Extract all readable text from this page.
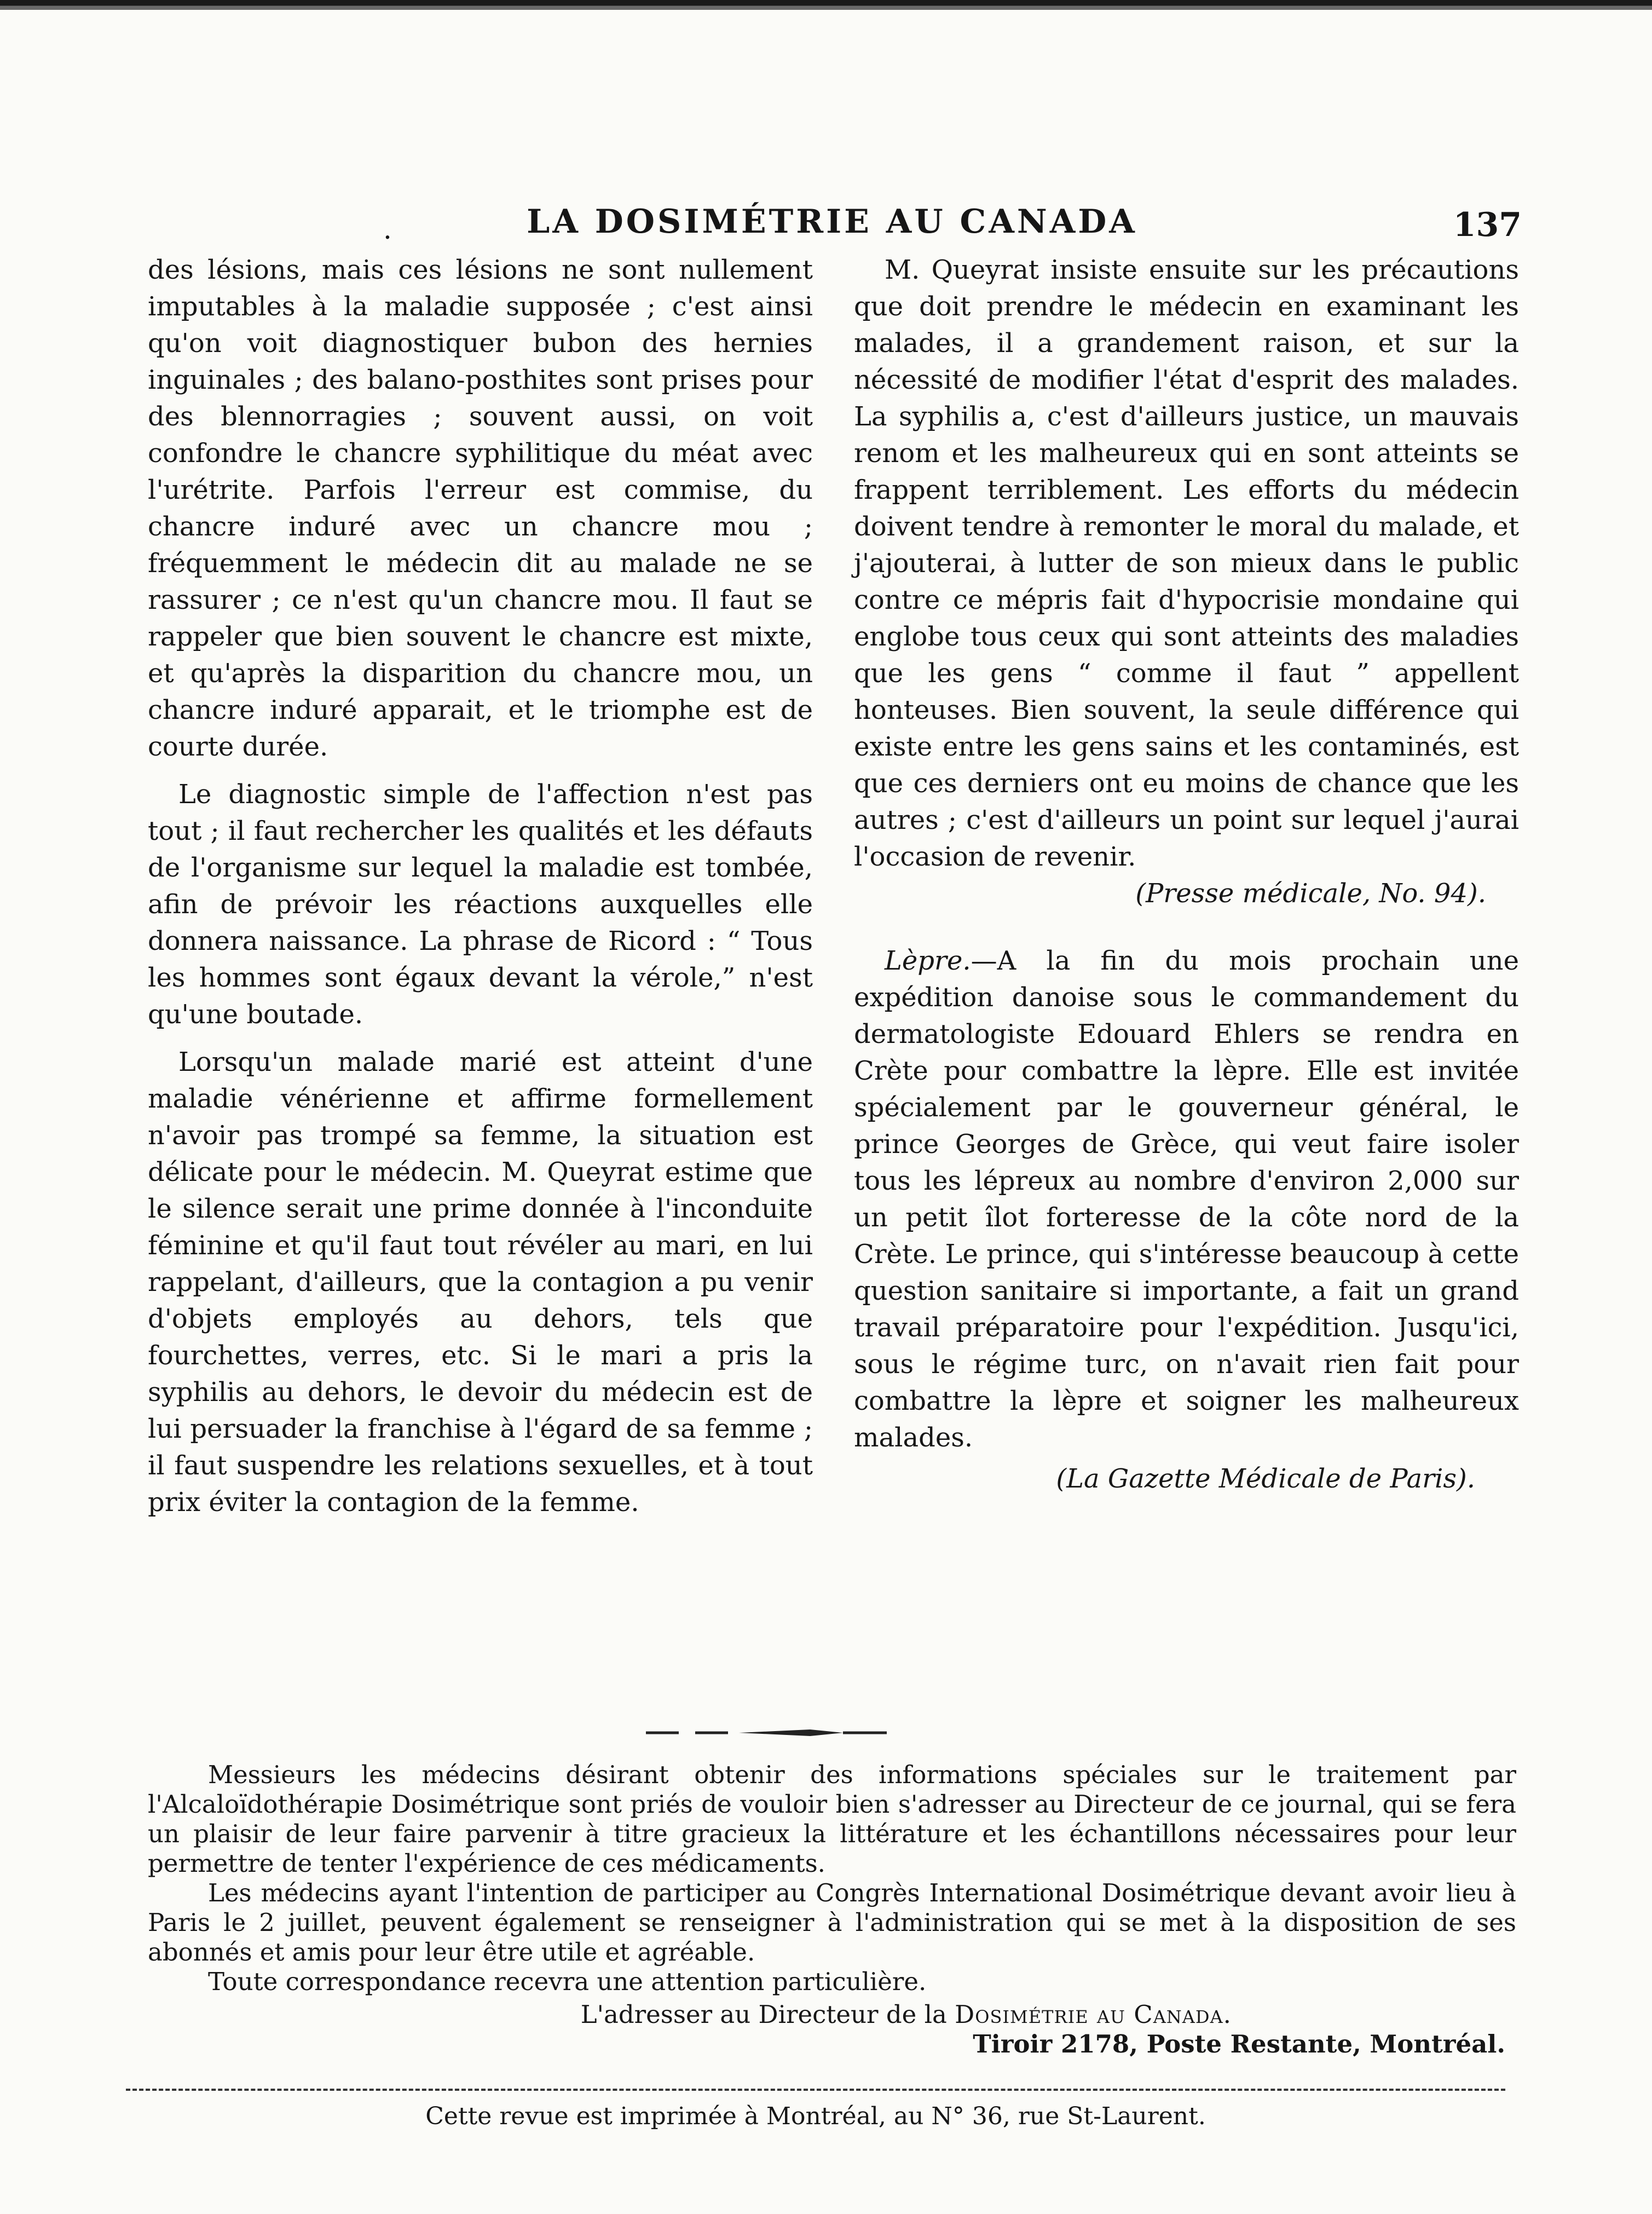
.	LA DOSIMÉTRIE AU CANADA	137

des lésions, mais ces lésions ne sont nullement imputables à la maladie supposée ; c'est ainsi qu'on voit diagnostiquer bubon des hernies inguinales ; des balano-posthites sont prises pour des blennorragies ; souvent aussi, on voit confondre le chancre syphilitique du méat avec l'urétrite. Parfois l'erreur est commise, du chancre induré avec un chancre mou ; fréquemment le médecin dit au malade ne se rassurer ; ce n'est qu'un chancre mou. Il faut se rappeler que bien souvent le chancre est mixte, et qu'après la disparition du chancre mou, un chancre induré apparait, et le triomphe est de courte durée.

Le diagnostic simple de l'affection n'est pas tout ; il faut rechercher les qualités et les défauts de l'organisme sur lequel la maladie est tombée, afin de prévoir les réactions auxquelles elle donnera naissance. La phrase de Ricord : “ Tous les hommes sont égaux devant la vérole,” n'est qu'une boutade.

Lorsqu'un malade marié est atteint d'une maladie vénérienne et affirme formellement n'avoir pas trompé sa femme, la situation est délicate pour le médecin. M. Queyrat estime que le silence serait une prime donnée à l'inconduite féminine et qu'il faut tout révéler au mari, en lui rappelant, d'ailleurs, que la contagion a pu venir d'objets employés au dehors, tels que fourchettes, verres, etc. Si le mari a pris la syphilis au dehors, le devoir du médecin est de lui persuader la franchise à l'égard de sa femme ; il faut suspendre les relations sexuelles, et à tout prix éviter la contagion de la femme.

M. Queyrat insiste ensuite sur les précautions que doit prendre le médecin en examinant les malades, il a grandement raison, et sur la nécessité de modifier l'état d'esprit des malades. La syphilis a, c'est d'ailleurs justice, un mauvais renom et les malheureux qui en sont atteints se frappent terriblement. Les efforts du médecin doivent tendre à remonter le moral du malade, et j'ajouterai, à lutter de son mieux dans le public contre ce mépris fait d'hypocrisie mondaine qui englobe tous ceux qui sont atteints des maladies que les gens “ comme il faut ” appellent honteuses. Bien souvent, la seule différence qui existe entre les gens sains et les contaminés, est que ces derniers ont eu moins de chance que les autres ; c'est d'ailleurs un point sur lequel j'aurai l'occasion de revenir.

(Presse médicale, No. 94).

Lèpre.—A la fin du mois prochain une expédition danoise sous le commandement du dermatologiste Edouard Ehlers se rendra en Crète pour combattre la lèpre. Elle est invitée spécialement par le gouverneur général, le prince Georges de Grèce, qui veut faire isoler tous les lépreux au nombre d'environ 2,000 sur un petit îlot forteresse de la côte nord de la Crète. Le prince, qui s'intéresse beaucoup à cette question sanitaire si importante, a fait un grand travail préparatoire pour l'expédition. Jusqu'ici, sous le régime turc, on n'avait rien fait pour combattre la lèpre et soigner les malheureux malades.

(La Gazette Médicale de Paris).

Messieurs les médecins désirant obtenir des informations spéciales sur le traitement par l'Alcaloïdothérapie Dosimétrique sont priés de vouloir bien s'adresser au Directeur de ce journal, qui se fera un plaisir de leur faire parvenir à titre gracieux la littérature et les échantillons nécessaires pour leur permettre de tenter l'expérience de ces médicaments.

Les médecins ayant l'intention de participer au Congrès International Dosimétrique devant avoir lieu à Paris le 2 juillet, peuvent également se renseigner à l'administration qui se met à la disposition de ses abonnés et amis pour leur être utile et agréable.

Toute correspondance recevra une attention particulière.

L'adresser au Directeur de la Dosimétrie au Canada.

Tiroir 2178, Poste Restante, Montréal.

Cette revue est imprimée à Montréal, au N° 36, rue St-Laurent.
